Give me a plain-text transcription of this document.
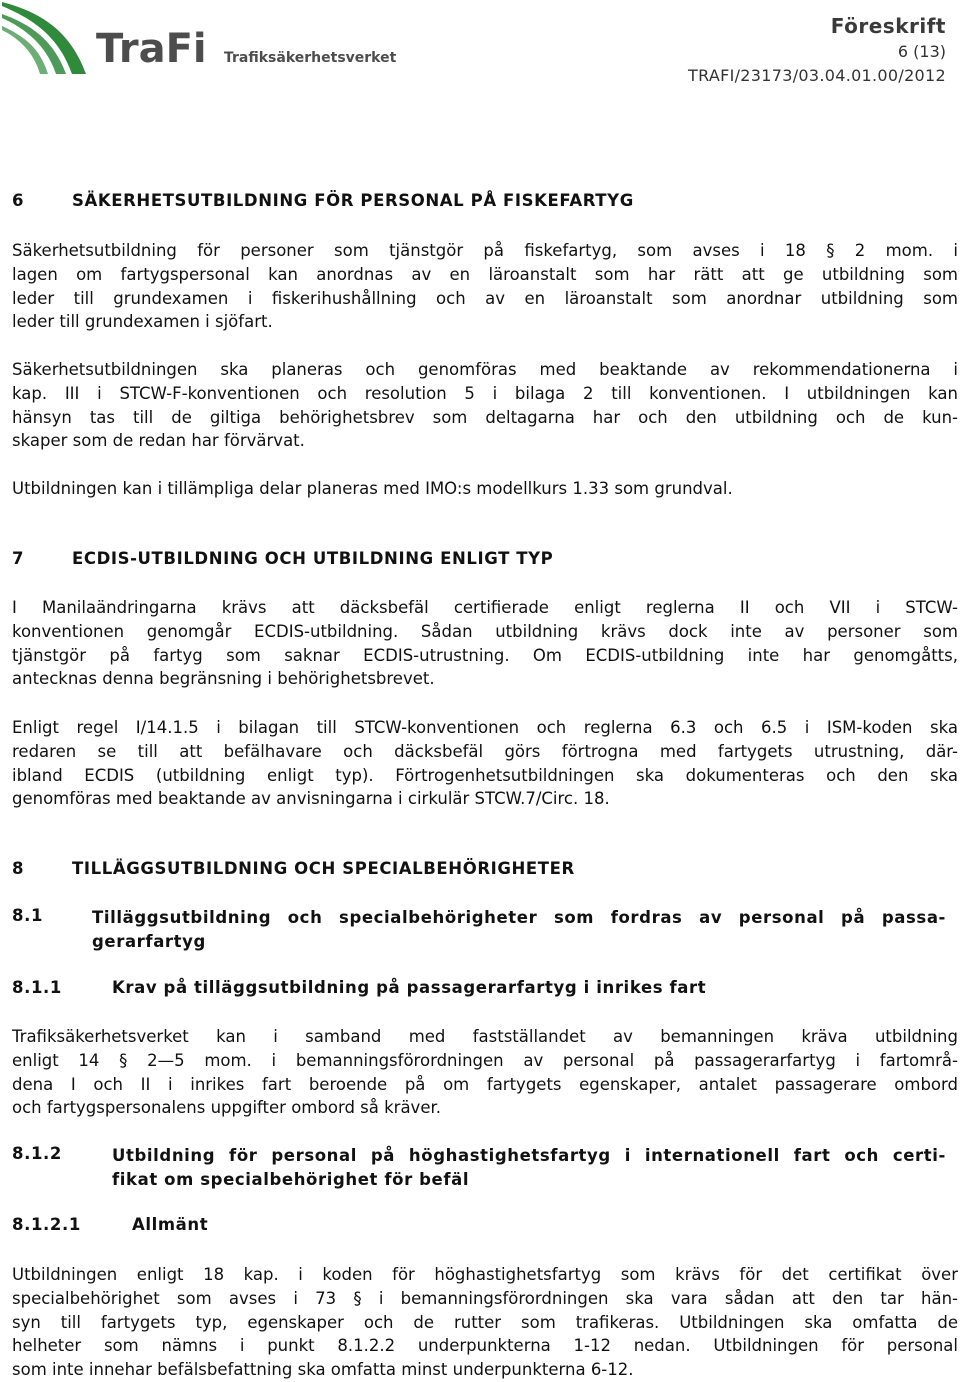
TraFi Trafiksäkerhetsverket
Föreskrift
6 (13)
TRAFI/23173/03.04.01.00/2012
6	SÄKERHETSUTBILDNING FÖR PERSONAL PÅ FISKEFARTYG
Säkerhetsutbildning för personer som tjänstgör på fiskefartyg, som avses i 18 § 2 mom. i
lagen om fartygspersonal kan anordnas av en läroanstalt som har rätt att ge utbildning som
leder till grundexamen i fiskerihushållning och av en läroanstalt som anordnar utbildning som
leder till grundexamen i sjöfart.
Säkerhetsutbildningen ska planeras och genomföras med beaktande av rekommendationerna i
kap. III i STCW-F-konventionen och resolution 5 i bilaga 2 till konventionen. I utbildningen kan
hänsyn tas till de giltiga behörighetsbrev som deltagarna har och den utbildning och de kun-
skaper som de redan har förvärvat.
Utbildningen kan i tillämpliga delar planeras med IMO:s modellkurs 1.33 som grundval.
7	ECDIS-UTBILDNING OCH UTBILDNING ENLIGT TYP
I Manilaändringarna krävs att däcksbefäl certifierade enligt reglerna II och VII i STCW-
konventionen genomgår ECDIS-utbildning. Sådan utbildning krävs dock inte av personer som
tjänstgör på fartyg som saknar ECDIS-utrustning. Om ECDIS-utbildning inte har genomgåtts,
antecknas denna begränsning i behörighetsbrevet.
Enligt regel I/14.1.5 i bilagan till STCW-konventionen och reglerna 6.3 och 6.5 i ISM-koden ska
redaren se till att befälhavare och däcksbefäl görs förtrogna med fartygets utrustning, där-
ibland ECDIS (utbildning enligt typ). Förtrogenhetsutbildningen ska dokumenteras och den ska
genomföras med beaktande av anvisningarna i cirkulär STCW.7/Circ. 18.
8	TILLÄGGSUTBILDNING OCH SPECIALBEHÖRIGHETER
8.1	Tilläggsutbildning och specialbehörigheter som fordras av personal på passa-
gerarfartyg
8.1.1	Krav på tilläggsutbildning på passagerarfartyg i inrikes fart
Trafiksäkerhetsverket kan i samband med fastställandet av bemanningen kräva utbildning
enligt 14 § 2—5 mom. i bemanningsförordningen av personal på passagerarfartyg i fartområ-
dena I och II i inrikes fart beroende på om fartygets egenskaper, antalet passagerare ombord
och fartygspersonalens uppgifter ombord så kräver.
8.1.2	Utbildning för personal på höghastighetsfartyg i internationell fart och certi-
fikat om specialbehörighet för befäl
8.1.2.1	Allmänt
Utbildningen enligt 18 kap. i koden för höghastighetsfartyg som krävs för det certifikat över
specialbehörighet som avses i 73 § i bemanningsförordningen ska vara sådan att den tar hän-
syn till fartygets typ, egenskaper och de rutter som trafikeras. Utbildningen ska omfatta de
helheter som nämns i punkt 8.1.2.2 underpunkterna 1-12 nedan. Utbildningen för personal
som inte innehar befälsbefattning ska omfatta minst underpunkterna 6-12.
